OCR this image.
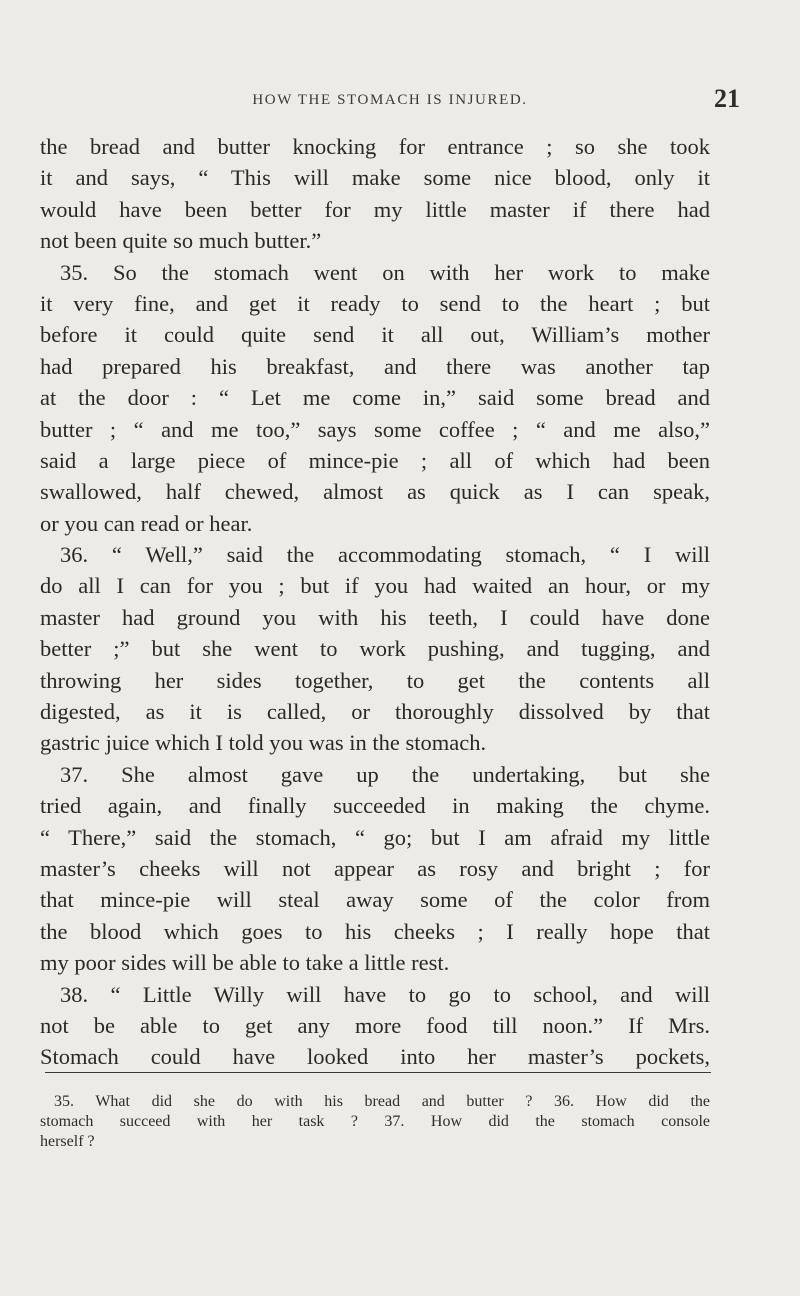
HOW THE STOMACH IS INJURED.	21
the bread and butter knocking for entrance ; so she took
it and says, “ This will make some nice blood, only it
would have been better for my little master if there had
not been quite so much butter.”
35. So the stomach went on with her work to make
it very fine, and get it ready to send to the heart ; but
before it could quite send it all out, William’s mother
had prepared his breakfast, and there was another tap
at the door : “ Let me come in,” said some bread and
butter ; “ and me too,” says some coffee ; “ and me also,”
said a large piece of mince-pie ; all of which had been
swallowed, half chewed, almost as quick as I can speak,
or you can read or hear.
36. “ Well,” said the accommodating stomach, “ I will
do all I can for you ; but if you had waited an hour, or my
master had ground you with his teeth, I could have done
better ;” but she went to work pushing, and tugging, and
throwing her sides together, to get the contents all
digested, as it is called, or thoroughly dissolved by that
gastric juice which I told you was in the stomach.
37. She almost gave up the undertaking, but she
tried again, and finally succeeded in making the chyme.
“ There,” said the stomach, “ go; but I am afraid my little
master’s cheeks will not appear as rosy and bright ; for
that mince-pie will steal away some of the color from
the blood which goes to his cheeks ; I really hope that
my poor sides will be able to take a little rest.
38. “ Little Willy will have to go to school, and will
not be able to get any more food till noon.” If Mrs.
Stomach could have looked into her master’s pockets,
35. What did she do with his bread and butter ? 36. How did the
stomach succeed with her task ? 37. How did the stomach console
herself ?
